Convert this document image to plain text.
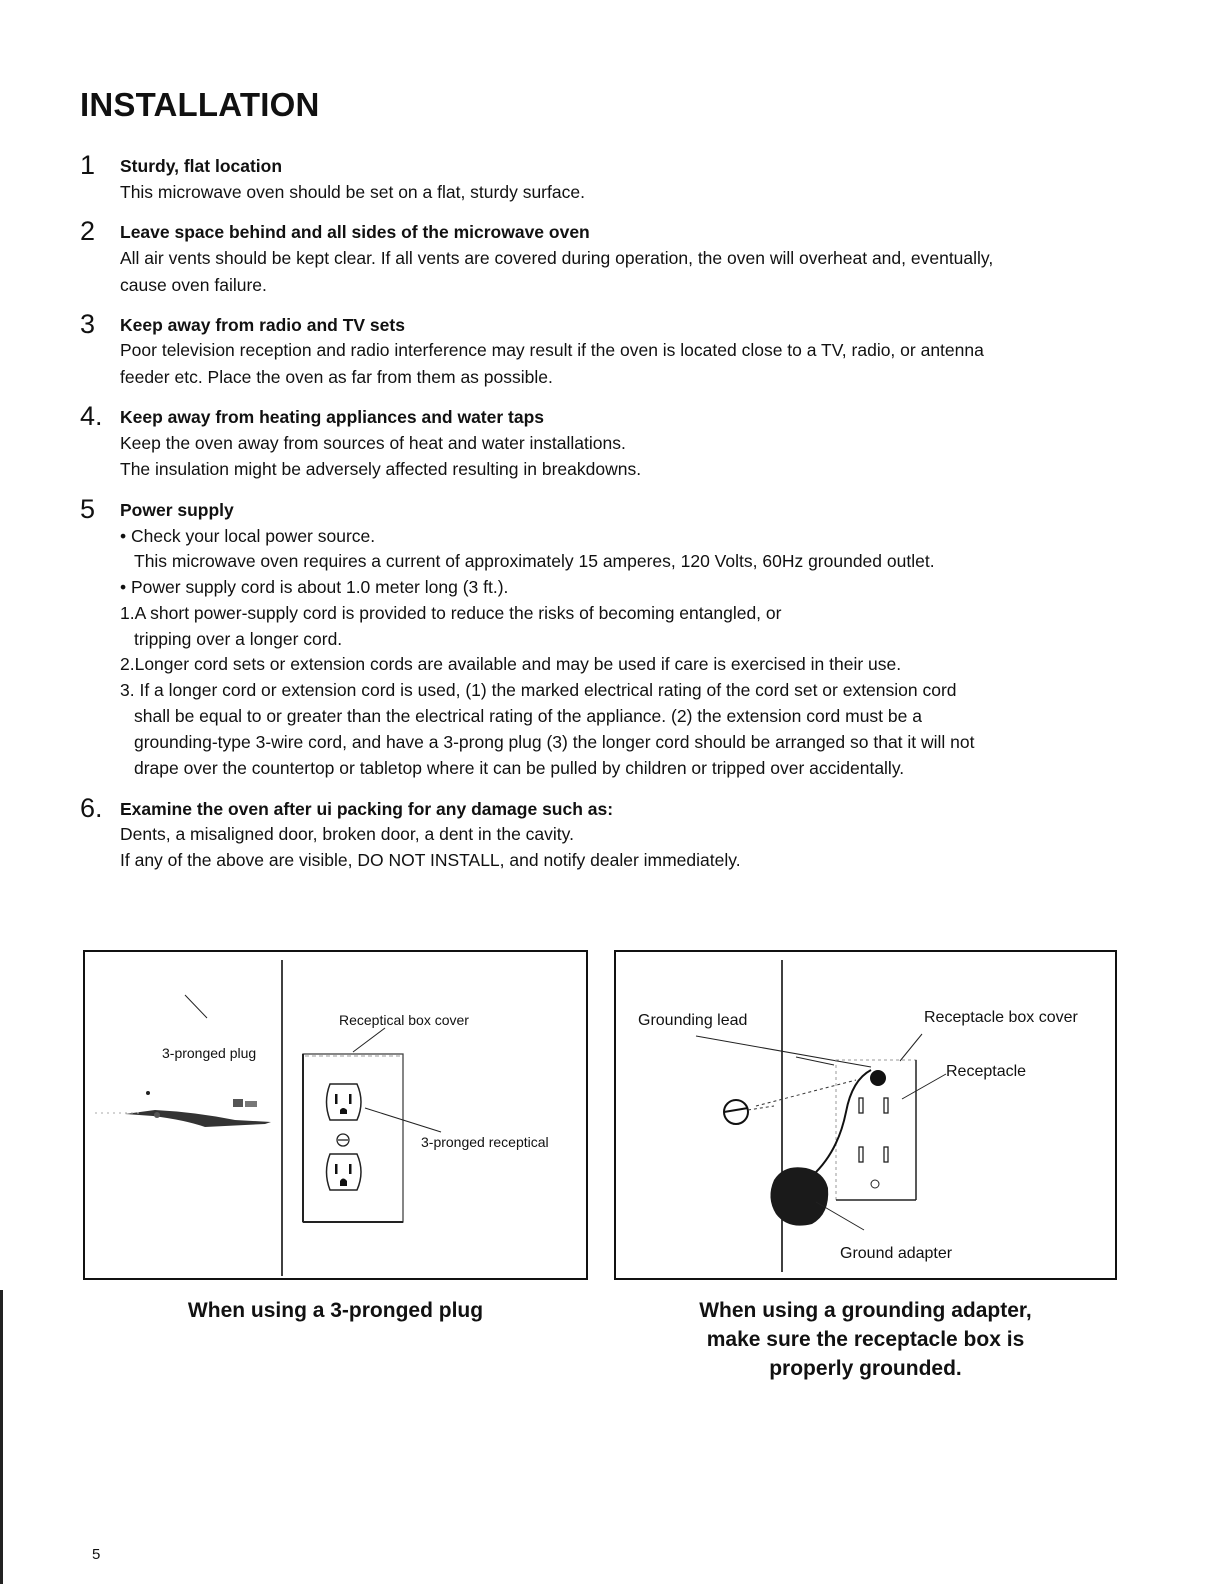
INSTALLATION
1 Sturdy, flat location
This microwave oven should be set on a flat, sturdy surface.
2 Leave space behind and all sides of the microwave oven
All air vents should be kept clear. If all vents are covered during operation, the oven will overheat and, eventually,
cause oven failure.
3 Keep away from radio and TV sets
Poor television reception and radio interference may result if the oven is located close to a TV, radio, or antenna
feeder etc. Place the oven as far from them as possible.
4. Keep away from heating appliances and water taps
Keep the oven away from sources of heat and water installations.
The insulation might be adversely affected resulting in breakdowns.
5 Power supply
• Check your local power source.
This microwave oven requires a current of approximately 15 amperes, 120 Volts, 60Hz grounded outlet.
• Power supply cord is about 1.0 meter long (3 ft.).
1.A short power-supply cord is provided to reduce the risks of becoming entangled, or
tripping over a longer cord.
2.Longer cord sets or extension cords are available and may be used if care is exercised in their use.
3. If a longer cord or extension cord is used, (1) the marked electrical rating of the cord set or extension cord
shall be equal to or greater than the electrical rating of the appliance. (2) the extension cord must be a
grounding-type 3-wire cord, and have a 3-prong plug (3) the longer cord should be arranged so that it will not
drape over the countertop or tabletop where it can be pulled by children or tripped over accidentally.
6. Examine the oven after ui packing for any damage such as:
Dents, a misaligned door, broken door, a dent in the cavity.
If any of the above are visible, DO NOT INSTALL, and notify dealer immediately.
3-pronged plug
Receptical box cover
3-pronged receptical
Grounding lead	Receptacle box cover
Receptacle
Ground adapter
When using a 3-pronged plug	When using a grounding adapter,
make sure the receptacle box is
properly grounded.
5
